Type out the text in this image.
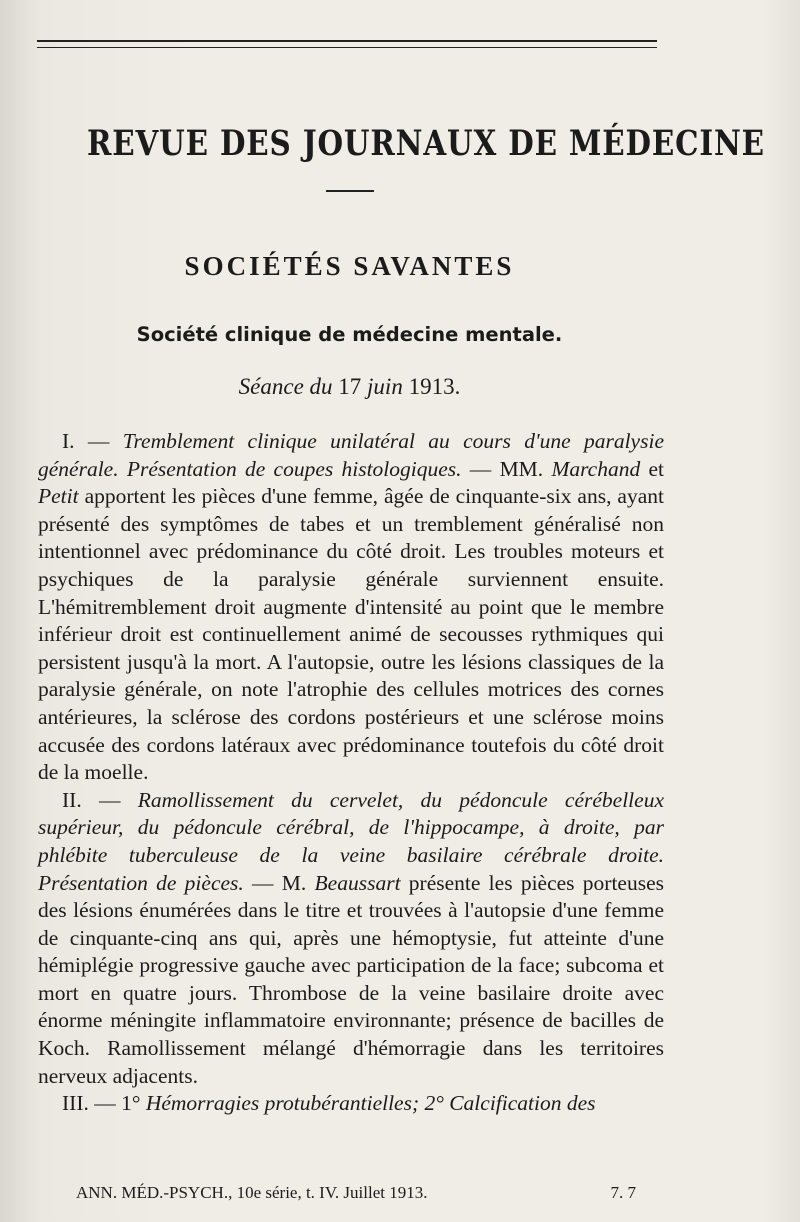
REVUE DES JOURNAUX DE MÉDECINE
SOCIÉTÉS SAVANTES
Société clinique de médecine mentale.

Séance du 17 juin 1913.

I. — Tremblement clinique unilatéral au cours d'une paralysie générale. Présentation de coupes histologiques. — MM. Marchand et Petit apportent les pièces d'une femme, âgée de cinquante-six ans, ayant présenté des symptômes de tabes et un tremblement généralisé non intentionnel avec prédominance du côté droit. Les troubles moteurs et psychiques de la paralysie générale surviennent ensuite. L'hémitremblement droit augmente d'intensité au point que le membre inférieur droit est continuellement animé de secousses rythmiques qui persistent jusqu'à la mort. A l'autopsie, outre les lésions classiques de la paralysie générale, on note l'atrophie des cellules motrices des cornes antérieures, la sclérose des cordons postérieurs et une sclérose moins accusée des cordons latéraux avec prédominance toutefois du côté droit de la moelle.

II. — Ramollissement du cervelet, du pédoncule cérébelleux supérieur, du pédoncule cérébral, de l'hippocampe, à droite, par phlébite tuberculeuse de la veine basilaire cérébrale droite. Présentation de pièces. — M. Beaussart présente les pièces porteuses des lésions énumérées dans le titre et trouvées à l'autopsie d'une femme de cinquante-cinq ans qui, après une hémoptysie, fut atteinte d'une hémiplégie progressive gauche avec participation de la face; subcoma et mort en quatre jours. Thrombose de la veine basilaire droite avec énorme méningite inflammatoire environnante; présence de bacilles de Koch. Ramollissement mélangé d'hémorragie dans les territoires nerveux adjacents.

III. — 1° Hémorragies protubérantielles; 2° Calcification des

ANN. MÉD.-PSYCH., 10e série, t. IV. Juillet 1913.	7. 7
